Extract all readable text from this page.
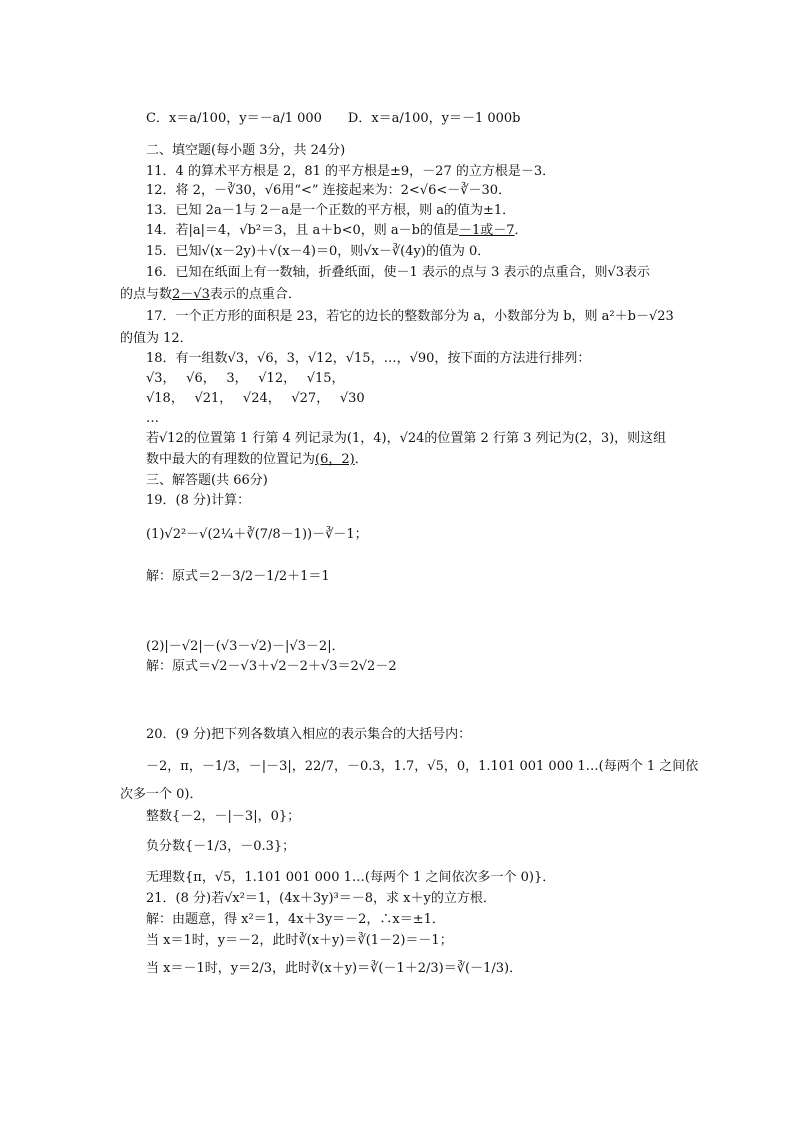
C．x＝a/100，y＝－a/1 000　　D．x＝a/100，y＝－1 000b
二、填空题(每小题 3分，共 24分)
11．4 的算术平方根是 2，81 的平方根是±9，－27 的立方根是－3．
12．将 2，－∛30，√6用“<” 连接起来为：2<√6<－∛－30．
13．已知 2a－1与 2－a是一个正数的平方根，则 a的值为±1．
14．若|a|＝4，√b²＝3，且 a＋b<0，则 a－b的值是－1或－7．
15．已知√(x－2y)＋√(x－4)＝0，则√x－∛(4y)的值为 0．
16．已知在纸面上有一数轴，折叠纸面，使－1 表示的点与 3 表示的点重合，则√3表示
的点与数2－√3表示的点重合．
17．一个正方形的面积是 23，若它的边长的整数部分为 a，小数部分为 b，则 a²＋b－√23
的值为 12．
18．有一组数√3，√6，3，√12，√15，…，√90，按下面的方法进行排列：
√3，　 √6，　 3，　 √12，　 √15，
√18，　 √21，　 √24，　 √27，　 √30
…
若√12的位置第 1 行第 4 列记录为(1，4)，√24的位置第 2 行第 3 列记为(2，3)，则这组
数中最大的有理数的位置记为(6，2)．
三、解答题(共 66分)
19．(8 分)计算：
(1)√2²－√(2¼＋∛(7/8－1))－∛－1；
解：原式＝2－3/2－1/2＋1＝1
(2)|－√2|－(√3－√2)－|√3－2|．
解：原式＝√2－√3＋√2－2＋√3＝2√2－2
20．(9 分)把下列各数填入相应的表示集合的大括号内：
－2，π，－1/3，－|－3|，22/7，－0.3，1.7，√5，0，1.101 001 000 1…(每两个 1 之间依
次多一个 0)．
整数{－2，－|－3|，0}；
负分数{－1/3，－0.3}；
无理数{π，√5，1.101 001 000 1…(每两个 1 之间依次多一个 0)}．
21．(8 分)若√x²＝1，(4x＋3y)³＝－8，求 x＋y的立方根．
解：由题意，得 x²＝1，4x＋3y＝－2，∴x＝±1．
当 x＝1时，y＝－2，此时∛(x＋y)＝∛(1－2)＝－1；
当 x＝－1时，y＝2/3，此时∛(x＋y)＝∛(－1＋2/3)＝∛(－1/3)．
